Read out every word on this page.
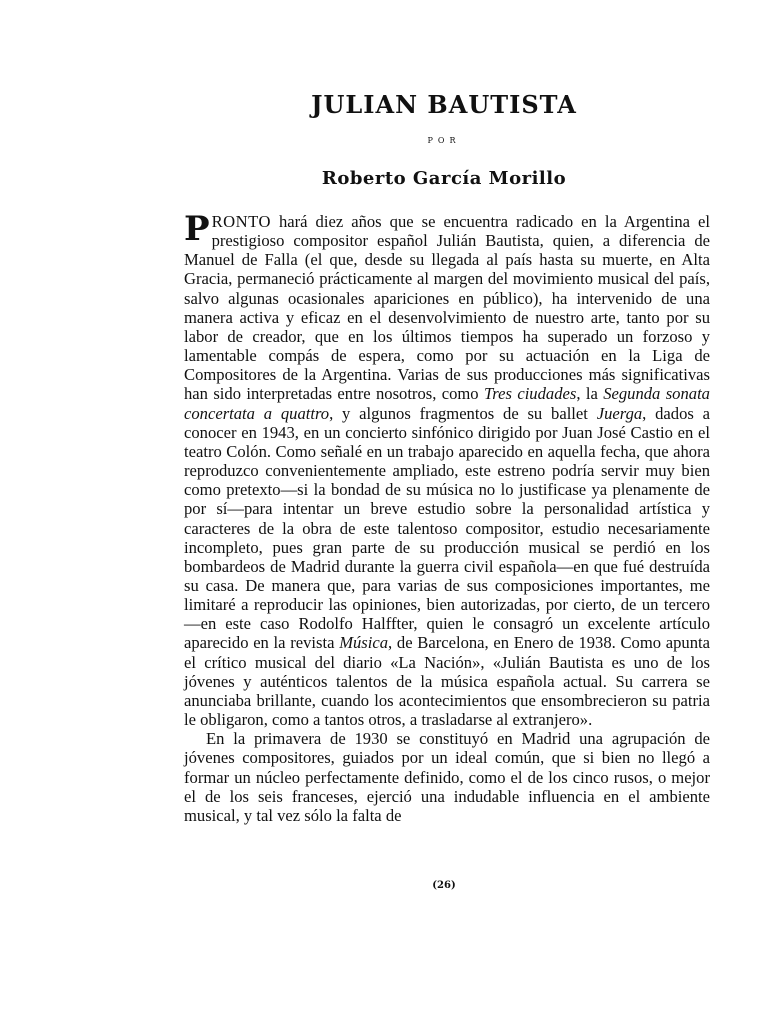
JULIAN BAUTISTA
POR
Roberto García Morillo

PRONTO hará diez años que se encuentra radicado en la Argentina el prestigioso compositor español Julián Bautista, quien, a diferencia de Manuel de Falla (el que, desde su llegada al país hasta su muerte, en Alta Gracia, permaneció prácticamente al margen del movimiento musical del país, salvo algunas ocasionales apariciones en público), ha intervenido de una manera activa y eficaz en el desenvolvimiento de nuestro arte, tanto por su labor de creador, que en los últimos tiempos ha superado un forzoso y lamentable compás de espera, como por su actuación en la Liga de Compositores de la Argentina. Varias de sus producciones más significativas han sido interpretadas entre nosotros, como Tres ciudades, la Segunda sonata concertata a quattro, y algunos fragmentos de su ballet Juerga, dados a conocer en 1943, en un concierto sinfónico dirigido por Juan José Castio en el teatro Colón. Como señalé en un trabajo aparecido en aquella fecha, que ahora reproduzco convenientemente ampliado, este estreno podría servir muy bien como pretexto—si la bondad de su música no lo justificase ya plenamente de por sí—para intentar un breve estudio sobre la personalidad artística y caracteres de la obra de este talentoso compositor, estudio necesariamente incompleto, pues gran parte de su producción musical se perdió en los bombardeos de Madrid durante la guerra civil española—en que fué destruída su casa. De manera que, para varias de sus composiciones importantes, me limitaré a reproducir las opiniones, bien autorizadas, por cierto, de un tercero—en este caso Rodolfo Halffter, quien le consagró un excelente artículo aparecido en la revista Música, de Barcelona, en Enero de 1938. Como apunta el crítico musical del diario «La Nación», «Julián Bautista es uno de los jóvenes y auténticos talentos de la música española actual. Su carrera se anunciaba brillante, cuando los acontecimientos que ensombrecieron su patria le obligaron, como a tantos otros, a trasladarse al extranjero».

En la primavera de 1930 se constituyó en Madrid una agrupación de jóvenes compositores, guiados por un ideal común, que si bien no llegó a formar un núcleo perfectamente definido, como el de los cinco rusos, o mejor el de los seis franceses, ejerció una indudable influencia en el ambiente musical, y tal vez sólo la falta de

(26)
